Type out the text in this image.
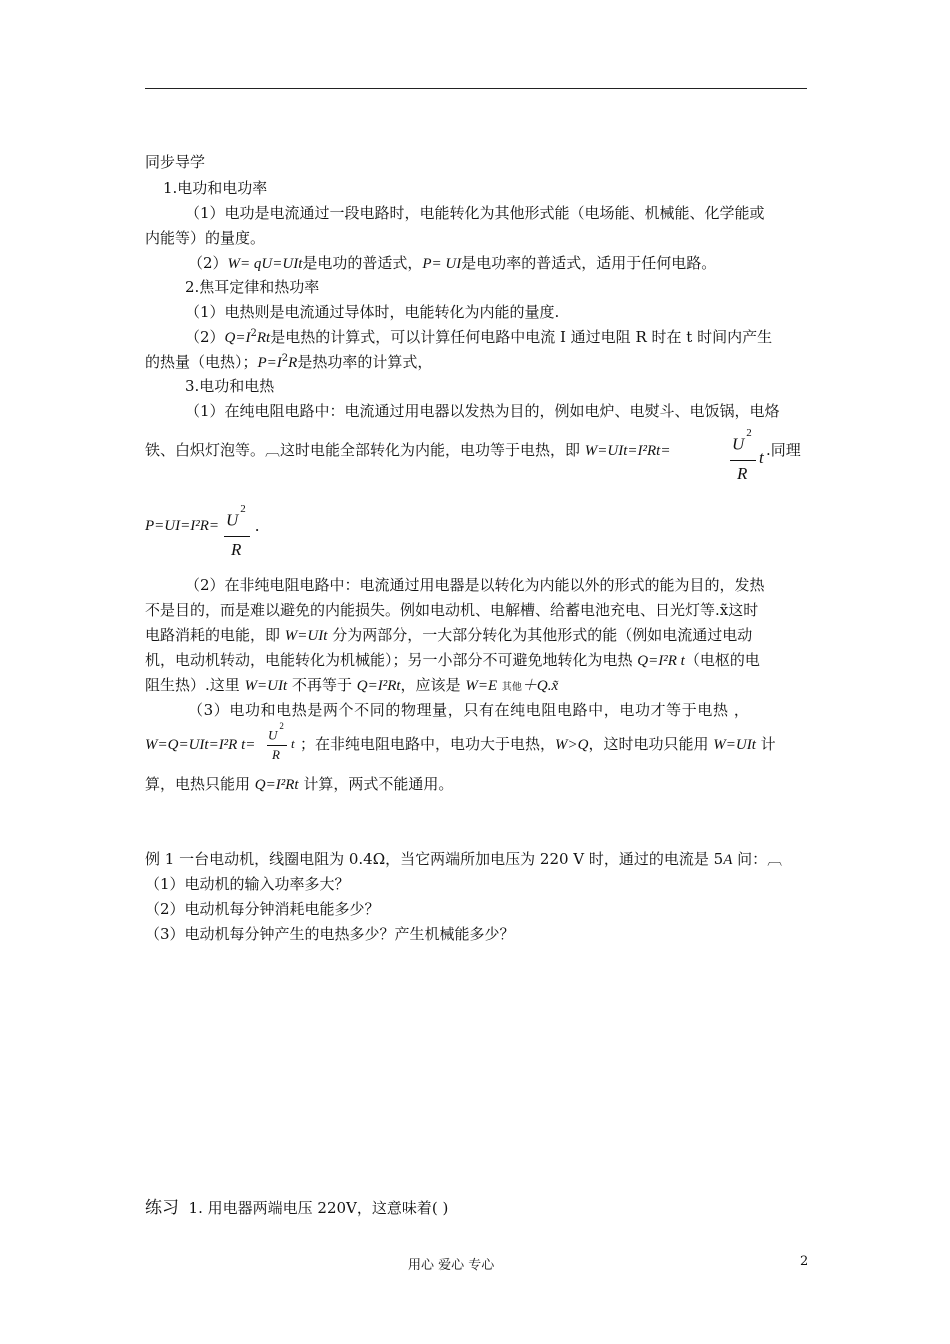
同步导学
1.电功和电功率
（1）电功是电流通过一段电路时，电能转化为其他形式能（电场能、机械能、化学能或
内能等）的量度。
（2）W= qU=UIt是电功的普适式，P= UI是电功率的普适式，适用于任何电路。
2.焦耳定律和热功率
（1）电热则是电流通过导体时，电能转化为内能的量度.
$(2)Q=I^2Rt$是电热的计算式，可以计算任何电路中电流 I 通过电阻 R 时在 t 时间内产生
的热量（电热）；$P=I^2R$是热功率的计算式，
3.电功和电热
（1）在纯电阻电路中：电流通过用电器以发热为目的，例如电炉、电熨斗、电饭锅，电烙
铁、白炽灯泡等。︹这时电能全部转化为内能，电功等于电热，即 W=UIt=I²Rt=	$U^2$
R
t .同理
$P=UI=I^2R= U^2$
R
.
（2）在非纯电阻电路中：电流通过用电器是以转化为内能以外的形式的能为目的，发热
不是目的，而是难以避免的内能损失。例如电动机、电解槽、给蓄电池充电、日光灯等.x̃这时
电路消耗的电能，即 W=UIt 分为两部分，一大部分转化为其他形式的能（例如电流通过电动
机，电动机转动，电能转化为机械能）；另一小部分不可避免地转化为电热 Q=I²R t（电枢的电
阻生热）.这里 W=UIt 不再等于 Q=I²Rt，应该是 W=E 其他＋Q.x̃
（3）电功和电热是两个不同的物理量，只有在纯电阻电路中，电功才等于电热 ，
W=Q=UIt=I²R t=
$U^2$
R
t ；在非纯电阻电路中，电功大于电热，W>Q，这时电功只能用 W=UIt 计
算，电热只能用 Q=I²Rt 计算，两式不能通用。
例 1 一台电动机，线圈电阻为 0.4Ω，当它两端所加电压为 220 V 时，通过的电流是 5A 问：︹
（1）电动机的输入功率多大？
（2）电动机每分钟消耗电能多少？
（3）电动机每分钟产生的电热多少？产生机械能多少？
练习 1. 用电器两端电压 220V，这意味着( )
用心 爱心 专心	2
